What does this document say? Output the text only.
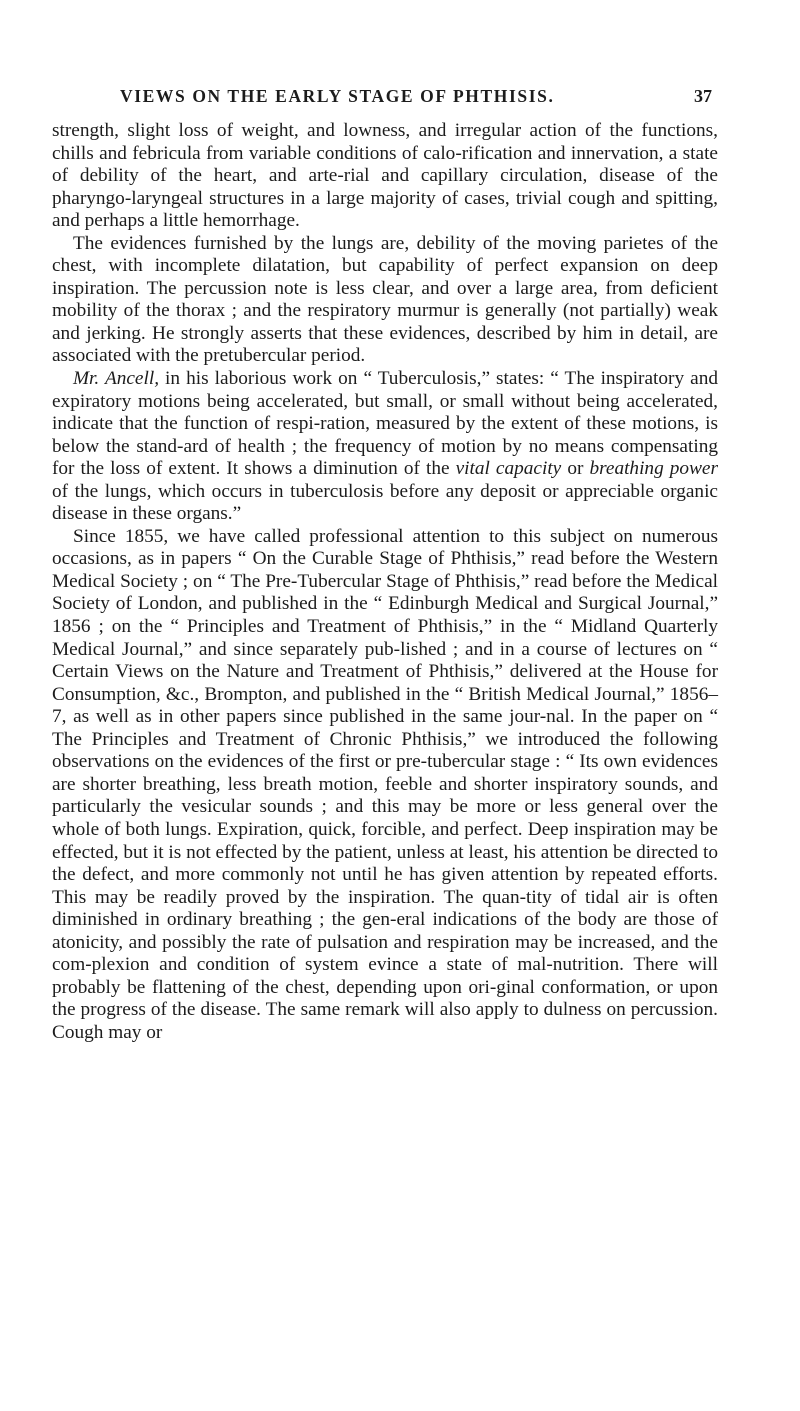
VIEWS ON THE EARLY STAGE OF PHTHISIS.	37

strength, slight loss of weight, and lowness, and irregular action of the functions, chills and febricula from variable conditions of calo-rification and innervation, a state of debility of the heart, and arte-rial and capillary circulation, disease of the pharyngo-laryngeal structures in a large majority of cases, trivial cough and spitting, and perhaps a little hemorrhage.

The evidences furnished by the lungs are, debility of the moving parietes of the chest, with incomplete dilatation, but capability of perfect expansion on deep inspiration. The percussion note is less clear, and over a large area, from deficient mobility of the thorax ; and the respiratory murmur is generally (not partially) weak and jerking. He strongly asserts that these evidences, described by him in detail, are associated with the pretubercular period.

Mr. Ancell, in his laborious work on “ Tuberculosis,” states: “ The inspiratory and expiratory motions being accelerated, but small, or small without being accelerated, indicate that the function of respi-ration, measured by the extent of these motions, is below the stand-ard of health ; the frequency of motion by no means compensating for the loss of extent. It shows a diminution of the vital capacity or breathing power of the lungs, which occurs in tuberculosis before any deposit or appreciable organic disease in these organs.”

Since 1855, we have called professional attention to this subject on numerous occasions, as in papers “ On the Curable Stage of Phthisis,” read before the Western Medical Society ; on “ The Pre-Tubercular Stage of Phthisis,” read before the Medical Society of London, and published in the “ Edinburgh Medical and Surgical Journal,” 1856 ; on the “ Principles and Treatment of Phthisis,” in the “ Midland Quarterly Medical Journal,” and since separately pub-lished ; and in a course of lectures on “ Certain Views on the Nature and Treatment of Phthisis,” delivered at the House for Consumption, &c., Brompton, and published in the “ British Medical Journal,” 1856–7, as well as in other papers since published in the same jour-nal. In the paper on “ The Principles and Treatment of Chronic Phthisis,” we introduced the following observations on the evidences of the first or pre-tubercular stage : “ Its own evidences are shorter breathing, less breath motion, feeble and shorter inspiratory sounds, and particularly the vesicular sounds ; and this may be more or less general over the whole of both lungs. Expiration, quick, forcible, and perfect. Deep inspiration may be effected, but it is not effected by the patient, unless at least, his attention be directed to the defect, and more commonly not until he has given attention by repeated efforts. This may be readily proved by the inspiration. The quan-tity of tidal air is often diminished in ordinary breathing ; the gen-eral indications of the body are those of atonicity, and possibly the rate of pulsation and respiration may be increased, and the com-plexion and condition of system evince a state of mal-nutrition. There will probably be flattening of the chest, depending upon ori-ginal conformation, or upon the progress of the disease. The same remark will also apply to dulness on percussion. Cough may or
